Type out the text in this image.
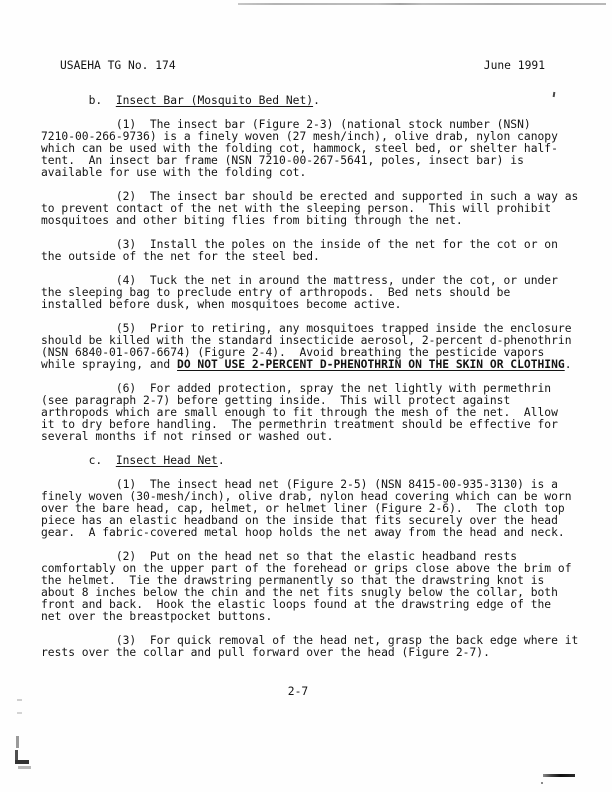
USAEHA TG No. 174	June 1991
b.  Insect Bar (Mosquito Bed Net).
(1)  The insect bar (Figure 2-3) (national stock number (NSN)
7210-00-266-9736) is a finely woven (27 mesh/inch), olive drab, nylon canopy
which can be used with the folding cot, hammock, steel bed, or shelter half-
tent.  An insect bar frame (NSN 7210-00-267-5641, poles, insect bar) is
available for use with the folding cot.
(2)  The insect bar should be erected and supported in such a way as
to prevent contact of the net with the sleeping person.  This will prohibit
mosquitoes and other biting flies from biting through the net.
(3)  Install the poles on the inside of the net for the cot or on
the outside of the net for the steel bed.
(4)  Tuck the net in around the mattress, under the cot, or under
the sleeping bag to preclude entry of arthropods.  Bed nets should be
installed before dusk, when mosquitoes become active.
(5)  Prior to retiring, any mosquitoes trapped inside the enclosure
should be killed with the standard insecticide aerosol, 2-percent d-phenothrin
(NSN 6840-01-067-6674) (Figure 2-4).  Avoid breathing the pesticide vapors
while spraying, and DO NOT USE 2-PERCENT D-PHENOTHRIN ON THE SKIN OR CLOTHING.
(6)  For added protection, spray the net lightly with permethrin
(see paragraph 2-7) before getting inside.  This will protect against
arthropods which are small enough to fit through the mesh of the net.  Allow
it to dry before handling.  The permethrin treatment should be effective for
several months if not rinsed or washed out.
c.  Insect Head Net.
(1)  The insect head net (Figure 2-5) (NSN 8415-00-935-3130) is a
finely woven (30-mesh/inch), olive drab, nylon head covering which can be worn
over the bare head, cap, helmet, or helmet liner (Figure 2-6).  The cloth top
piece has an elastic headband on the inside that fits securely over the head
gear.  A fabric-covered metal hoop holds the net away from the head and neck.
(2)  Put on the head net so that the elastic headband rests
comfortably on the upper part of the forehead or grips close above the brim of
the helmet.  Tie the drawstring permanently so that the drawstring knot is
about 8 inches below the chin and the net fits snugly below the collar, both
front and back.  Hook the elastic loops found at the drawstring edge of the
net over the breastpocket buttons.
(3)  For quick removal of the head net, grasp the back edge where it
rests over the collar and pull forward over the head (Figure 2-7).
2-7
